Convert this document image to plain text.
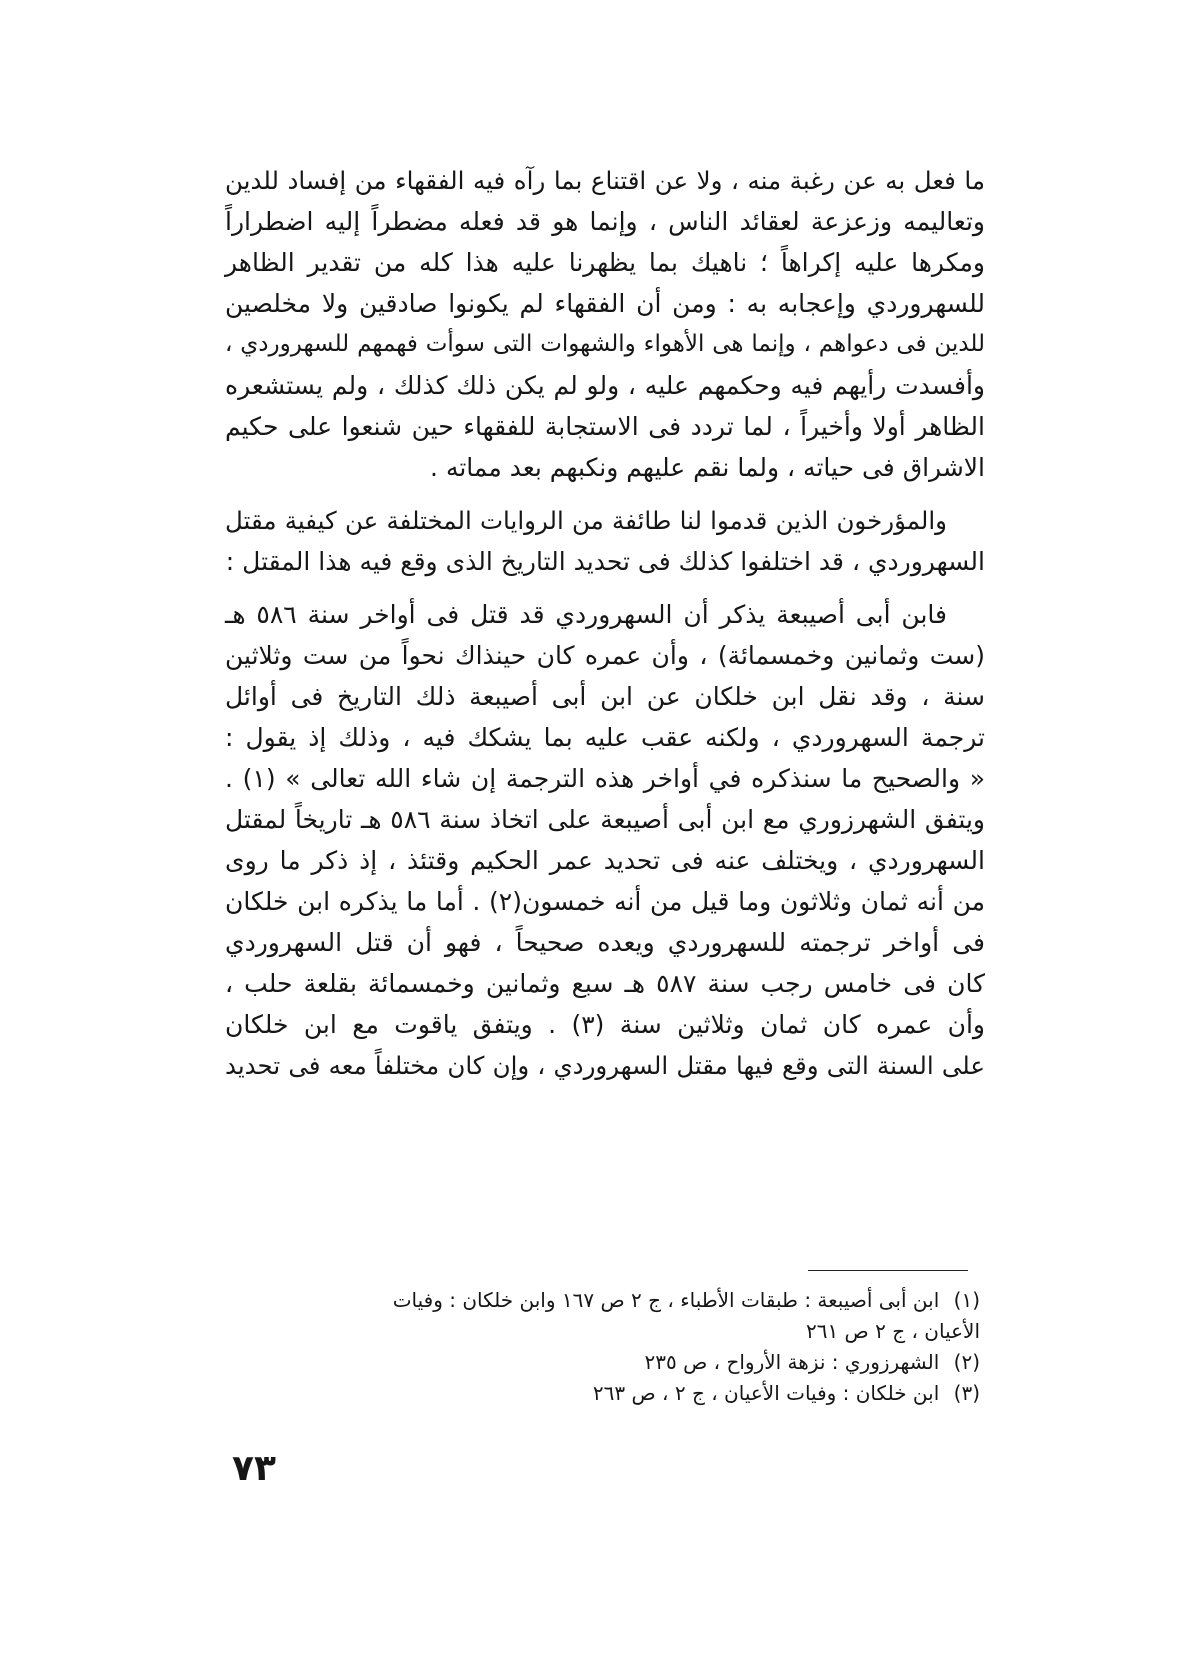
ما فعل به عن رغبة منه ، ولا عن اقتناع بما رآه فيه الفقهاء من إفساد للدين
وتعاليمه وزعزعة لعقائد الناس ، وإنما هو قد فعله مضطراً إليه اضطراراً
ومكرها عليه إكراهاً ؛ ناهيك بما يظهرنا عليه هذا كله من تقدير الظاهر
للسهروردي وإعجابه به : ومن أن الفقهاء لم يكونوا صادقين ولا مخلصين
للدين فى دعواهم ، وإنما هى الأهواء والشهوات التى سوأت فهمهم للسهروردي ،
وأفسدت رأيهم فيه وحكمهم عليه ، ولو لم يكن ذلك كذلك ، ولم يستشعره
الظاهر أولا وأخيراً ، لما تردد فى الاستجابة للفقهاء حين شنعوا على حكيم
الاشراق فى حياته ، ولما نقم عليهم ونكبهم بعد مماته .
والمؤرخون الذين قدموا لنا طائفة من الروايات المختلفة عن كيفية مقتل
السهروردي ، قد اختلفوا كذلك فى تحديد التاريخ الذى وقع فيه هذا المقتل :
فابن أبى أصيبعة يذكر أن السهروردي قد قتل فى أواخر سنة ٥٨٦ هـ
(ست وثمانين وخمسمائة) ، وأن عمره كان حينذاك نحواً من ست وثلاثين
سنة ، وقد نقل ابن خلكان عن ابن أبى أصيبعة ذلك التاريخ فى أوائل
ترجمة السهروردي ، ولكنه عقب عليه بما يشكك فيه ، وذلك إذ يقول :
« والصحيح ما سنذكره في أواخر هذه الترجمة إن شاء الله تعالى » (١) .
ويتفق الشهرزوري مع ابن أبى أصيبعة على اتخاذ سنة ٥٨٦ هـ تاريخاً لمقتل
السهروردي ، ويختلف عنه فى تحديد عمر الحكيم وقتئذ ، إذ ذكر ما روى
من أنه ثمان وثلاثون وما قيل من أنه خمسون(٢) . أما ما يذكره ابن خلكان
فى أواخر ترجمته للسهروردي ويعده صحيحاً ، فهو أن قتل السهروردي
كان فى خامس رجب سنة ٥٨٧ هـ سبع وثمانين وخمسمائة بقلعة حلب ،
وأن عمره كان ثمان وثلاثين سنة (٣) . ويتفق ياقوت مع ابن خلكان
على السنة التى وقع فيها مقتل السهروردي ، وإن كان مختلفاً معه فى تحديد
(١) ابن أبى أصيبعة : طبقات الأطباء ، ج ٢ ص ١٦٧ وابن خلكان : وفيات
الأعيان ، ج ٢ ص ٢٦١
(٢) الشهرزوري : نزهة الأرواح ، ص ٢٣٥
(٣) ابن خلكان : وفيات الأعيان ، ج ٢ ، ص ٢٦٣
٧٣
